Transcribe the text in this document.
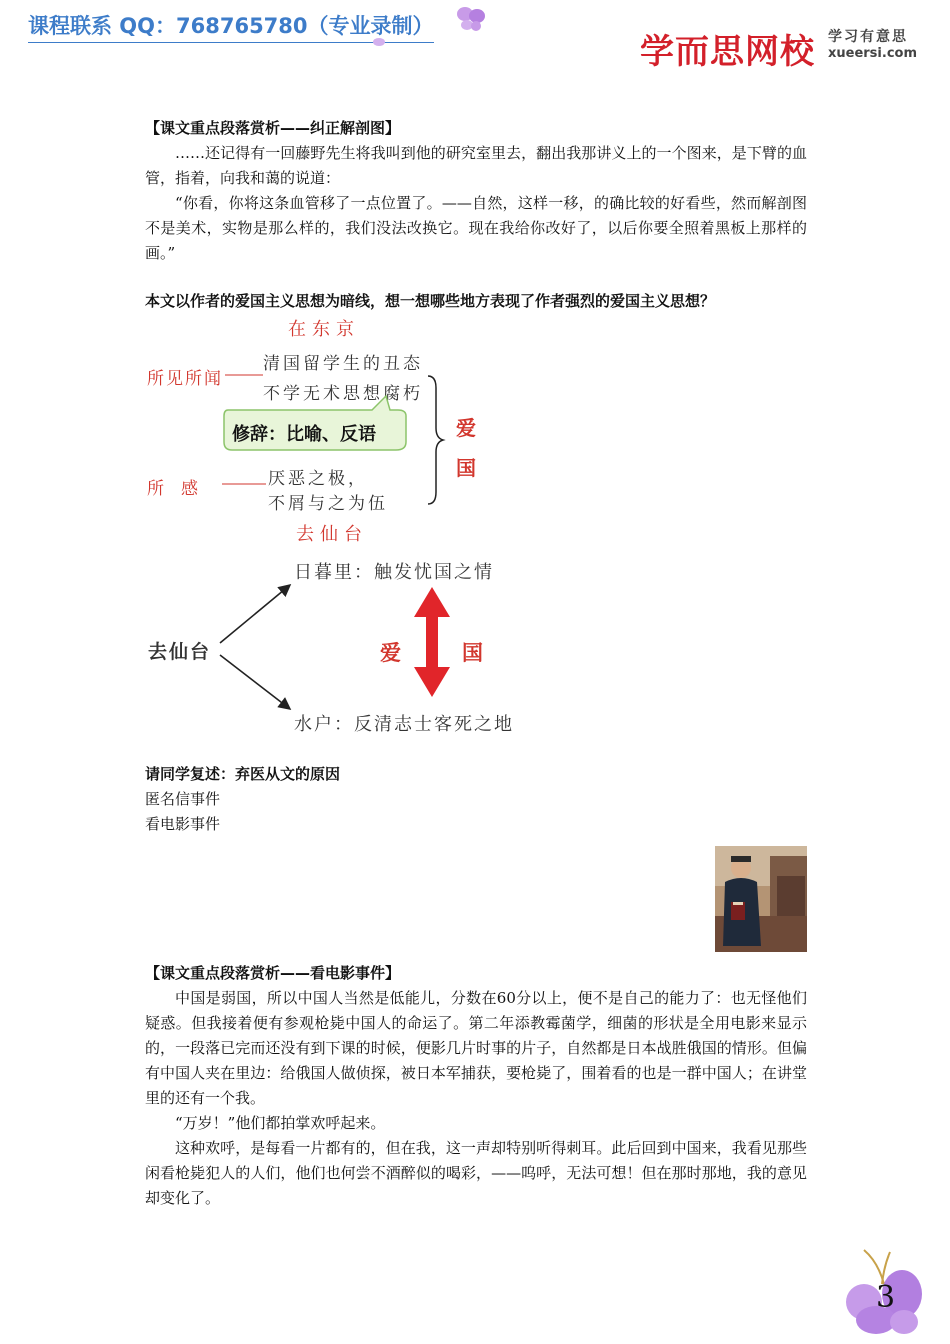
课程联系 QQ：768765780（专业录制）
学而思网校 学习有意思
xueersi.com

【课文重点段落赏析——纠正解剖图】

……还记得有一回藤野先生将我叫到他的研究室里去，翻出我那讲义上的一个图来，是下臂的血管，指着，向我和蔼的说道：

“你看，你将这条血管移了一点位置了。——自然，这样一移，的确比较的好看些，然而解剖图不是美术，实物是那么样的，我们没法改换它。现在我给你改好了，以后你要全照着黑板上那样的画。”

本文以作者的爱国主义思想为暗线，想一想哪些地方表现了作者强烈的爱国主义思想？

在东京
所见所闻
清国留学生的丑态
不学无术思想腐朽
修辞：比喻、反语	爱
国
所　感	厌恶之极，
不屑与之为伍
去仙台
日暮里：触发忧国之情
去仙台	爱	国
水户：反清志士客死之地

请同学复述：弃医从文的原因

匿名信事件

看电影事件

【课文重点段落赏析——看电影事件】

中国是弱国，所以中国人当然是低能儿，分数在60分以上，便不是自己的能力了：也无怪他们疑惑。但我接着便有参观枪毙中国人的命运了。第二年添教霉菌学，细菌的形状是全用电影来显示的，一段落已完而还没有到下课的时候，便影几片时事的片子，自然都是日本战胜俄国的情形。但偏有中国人夹在里边：给俄国人做侦探，被日本军捕获，要枪毙了，围着看的也是一群中国人；在讲堂里的还有一个我。

“万岁！”他们都拍掌欢呼起来。

这种欢呼，是每看一片都有的，但在我，这一声却特别听得刺耳。此后回到中国来，我看见那些闲看枪毙犯人的人们，他们也何尝不酒醉似的喝彩，——呜呼，无法可想！但在那时那地，我的意见却变化了。

3
